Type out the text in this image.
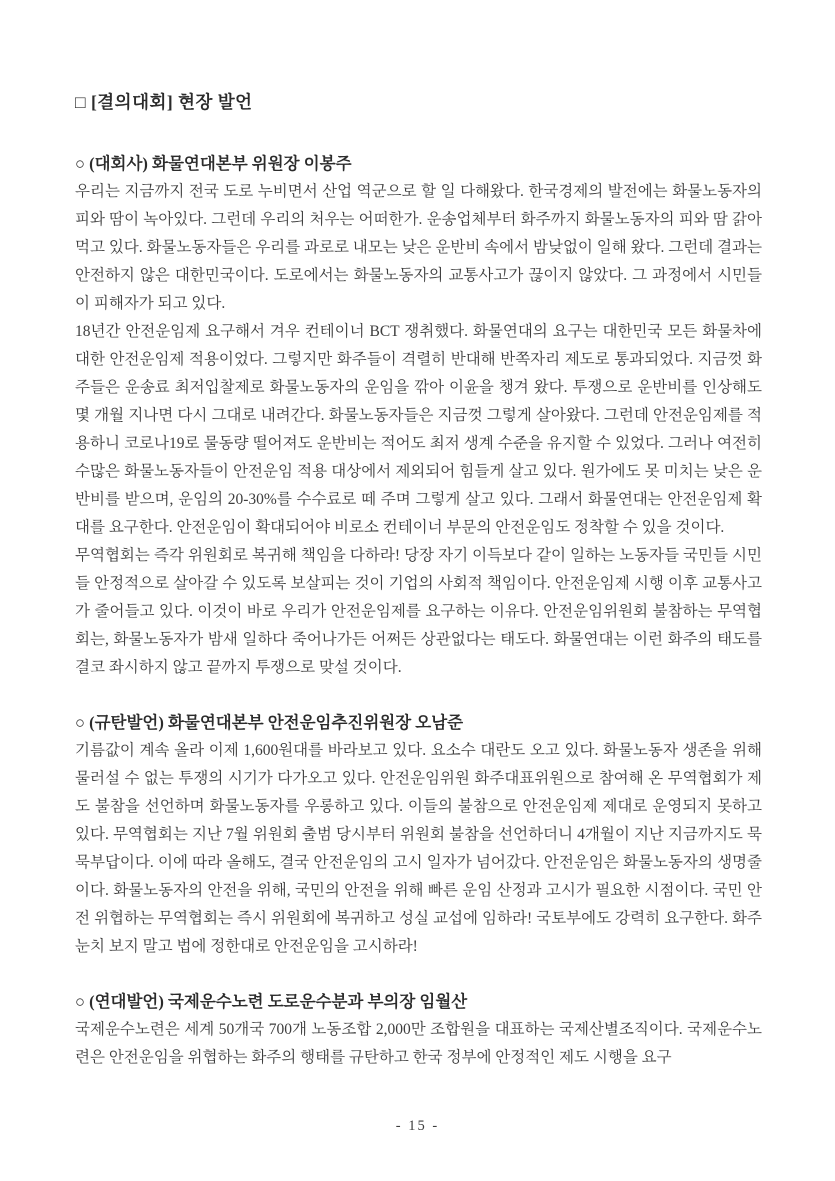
□ [결의대회] 현장 발언
○ (대회사) 화물연대본부 위원장 이봉주

우리는 지금까지 전국 도로 누비면서 산업 역군으로 할 일 다해왔다. 한국경제의 발전에는 화물노동자의 피와 땀이 녹아있다. 그런데 우리의 처우는 어떠한가. 운송업체부터 화주까지 화물노동자의 피와 땀 갉아먹고 있다. 화물노동자들은 우리를 과로로 내모는 낮은 운반비 속에서 밤낮없이 일해 왔다. 그런데 결과는 안전하지 않은 대한민국이다. 도로에서는 화물노동자의 교통사고가 끊이지 않았다. 그 과정에서 시민들이 피해자가 되고 있다.

18년간 안전운임제 요구해서 겨우 컨테이너 BCT 쟁취했다. 화물연대의 요구는 대한민국 모든 화물차에 대한 안전운임제 적용이었다. 그렇지만 화주들이 격렬히 반대해 반쪽자리 제도로 통과되었다. 지금껏 화주들은 운송료 최저입찰제로 화물노동자의 운임을 깎아 이윤을 챙겨 왔다. 투쟁으로 운반비를 인상해도 몇 개월 지나면 다시 그대로 내려간다. 화물노동자들은 지금껏 그렇게 살아왔다. 그런데 안전운임제를 적용하니 코로나19로 물동량 떨어져도 운반비는 적어도 최저 생계 수준을 유지할 수 있었다. 그러나 여전히 수많은 화물노동자들이 안전운임 적용 대상에서 제외되어 힘들게 살고 있다. 원가에도 못 미치는 낮은 운반비를 받으며, 운임의 20-30%를 수수료로 떼 주며 그렇게 살고 있다. 그래서 화물연대는 안전운임제 확대를 요구한다. 안전운임이 확대되어야 비로소 컨테이너 부문의 안전운임도 정착할 수 있을 것이다.

무역협회는 즉각 위원회로 복귀해 책임을 다하라! 당장 자기 이득보다 같이 일하는 노동자들 국민들 시민들 안정적으로 살아갈 수 있도록 보살피는 것이 기업의 사회적 책임이다. 안전운임제 시행 이후 교통사고가 줄어들고 있다. 이것이 바로 우리가 안전운임제를 요구하는 이유다. 안전운임위원회 불참하는 무역협회는, 화물노동자가 밤새 일하다 죽어나가든 어쩌든 상관없다는 태도다. 화물연대는 이런 화주의 태도를 결코 좌시하지 않고 끝까지 투쟁으로 맞설 것이다.

○ (규탄발언) 화물연대본부 안전운임추진위원장 오남준

기름값이 계속 올라 이제 1,600원대를 바라보고 있다. 요소수 대란도 오고 있다. 화물노동자 생존을 위해 물러설 수 없는 투쟁의 시기가 다가오고 있다. 안전운임위원 화주대표위원으로 참여해 온 무역협회가 제도 불참을 선언하며 화물노동자를 우롱하고 있다. 이들의 불참으로 안전운임제 제대로 운영되지 못하고 있다. 무역협회는 지난 7월 위원회 출범 당시부터 위원회 불참을 선언하더니 4개월이 지난 지금까지도 묵묵부답이다. 이에 따라 올해도, 결국 안전운임의 고시 일자가 넘어갔다. 안전운임은 화물노동자의 생명줄이다. 화물노동자의 안전을 위해, 국민의 안전을 위해 빠른 운임 산정과 고시가 필요한 시점이다. 국민 안전 위협하는 무역협회는 즉시 위원회에 복귀하고 성실 교섭에 임하라! 국토부에도 강력히 요구한다. 화주 눈치 보지 말고 법에 정한대로 안전운임을 고시하라!

○ (연대발언) 국제운수노련 도로운수분과 부의장 임월산

국제운수노련은 세계 50개국 700개 노동조합 2,000만 조합원을 대표하는 국제산별조직이다. 국제운수노련은 안전운임을 위협하는 화주의 행태를 규탄하고 한국 정부에 안정적인 제도 시행을 요구

- 15 -
